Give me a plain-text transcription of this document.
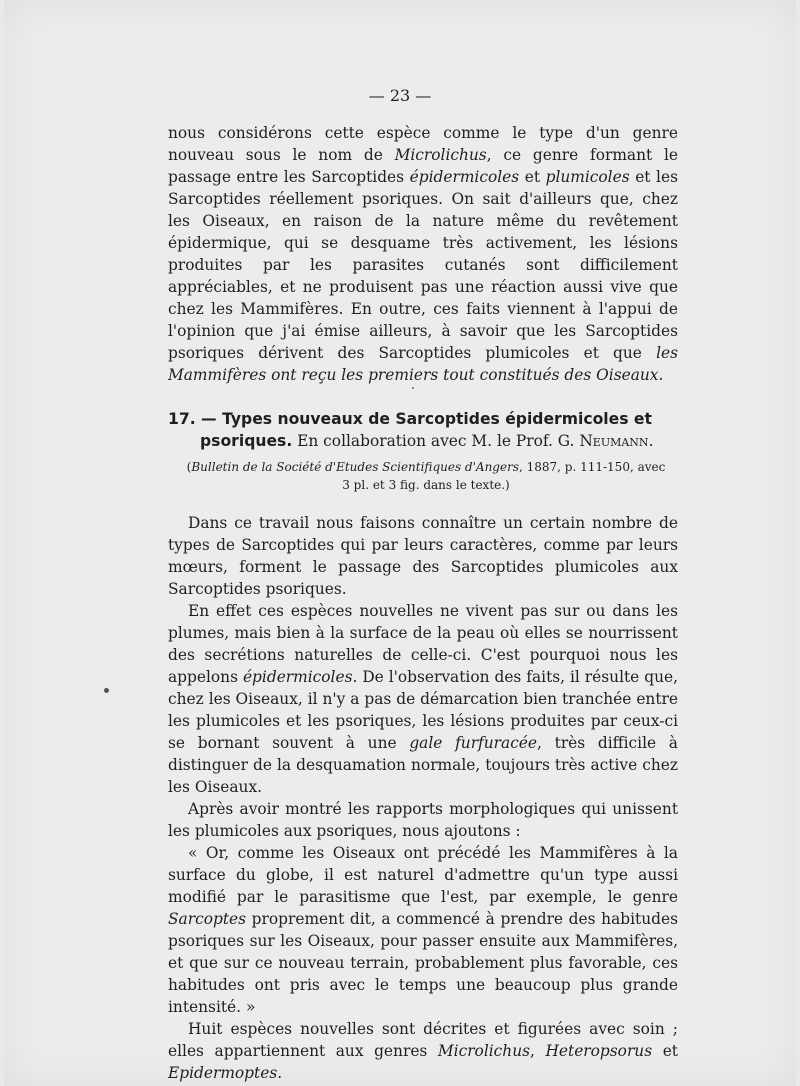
— 23 —

nous considérons cette espèce comme le type d'un genre nouveau sous le nom de Microlichus, ce genre formant le passage entre les Sarcoptides épidermicoles et plumicoles et les Sarcoptides réellement psoriques. On sait d'ailleurs que, chez les Oiseaux, en raison de la nature même du revêtement épidermique, qui se desquame très activement, les lésions produites par les parasites cutanés sont difficilement appréciables, et ne produisent pas une réaction aussi vive que chez les Mammifères. En outre, ces faits viennent à l'appui de l'opinion que j'ai émise ailleurs, à savoir que les Sarcoptides psoriques dérivent des Sarcoptides plumicoles et que les Mammifères ont reçu les premiers tout constitués des Oiseaux.

17. — Types nouveaux de Sarcoptides épidermicoles et
psoriques. En collaboration avec M. le Prof. G. Neumann.
(Bulletin de la Société d'Etudes Scientifiques d'Angers, 1887, p. 111-150, avec 3 pl. et 3 fig. dans le texte.)

Dans ce travail nous faisons connaître un certain nombre de types de Sarcoptides qui par leurs caractères, comme par leurs mœurs, forment le passage des Sarcoptides plumicoles aux Sarcoptides psoriques.

En effet ces espèces nouvelles ne vivent pas sur ou dans les plumes, mais bien à la surface de la peau où elles se nourrissent des secrétions naturelles de celle-ci. C'est pourquoi nous les appelons épidermicoles. De l'observation des faits, il résulte que, chez les Oiseaux, il n'y a pas de démarcation bien tranchée entre les plumicoles et les psoriques, les lésions produites par ceux-ci se bornant souvent à une gale furfuracée, très difficile à distinguer de la desquamation normale, toujours très active chez les Oiseaux.

Après avoir montré les rapports morphologiques qui unissent les plumicoles aux psoriques, nous ajoutons :

« Or, comme les Oiseaux ont précédé les Mammifères à la surface du globe, il est naturel d'admettre qu'un type aussi modifié par le parasitisme que l'est, par exemple, le genre Sarcoptes proprement dit, a commencé à prendre des habitudes psoriques sur les Oiseaux, pour passer ensuite aux Mammifères, et que sur ce nouveau terrain, probablement plus favorable, ces habitudes ont pris avec le temps une beaucoup plus grande intensité. »

Huit espèces nouvelles sont décrites et figurées avec soin ; elles appartiennent aux genres Microlichus, Heteropsorus et Epidermoptes.
